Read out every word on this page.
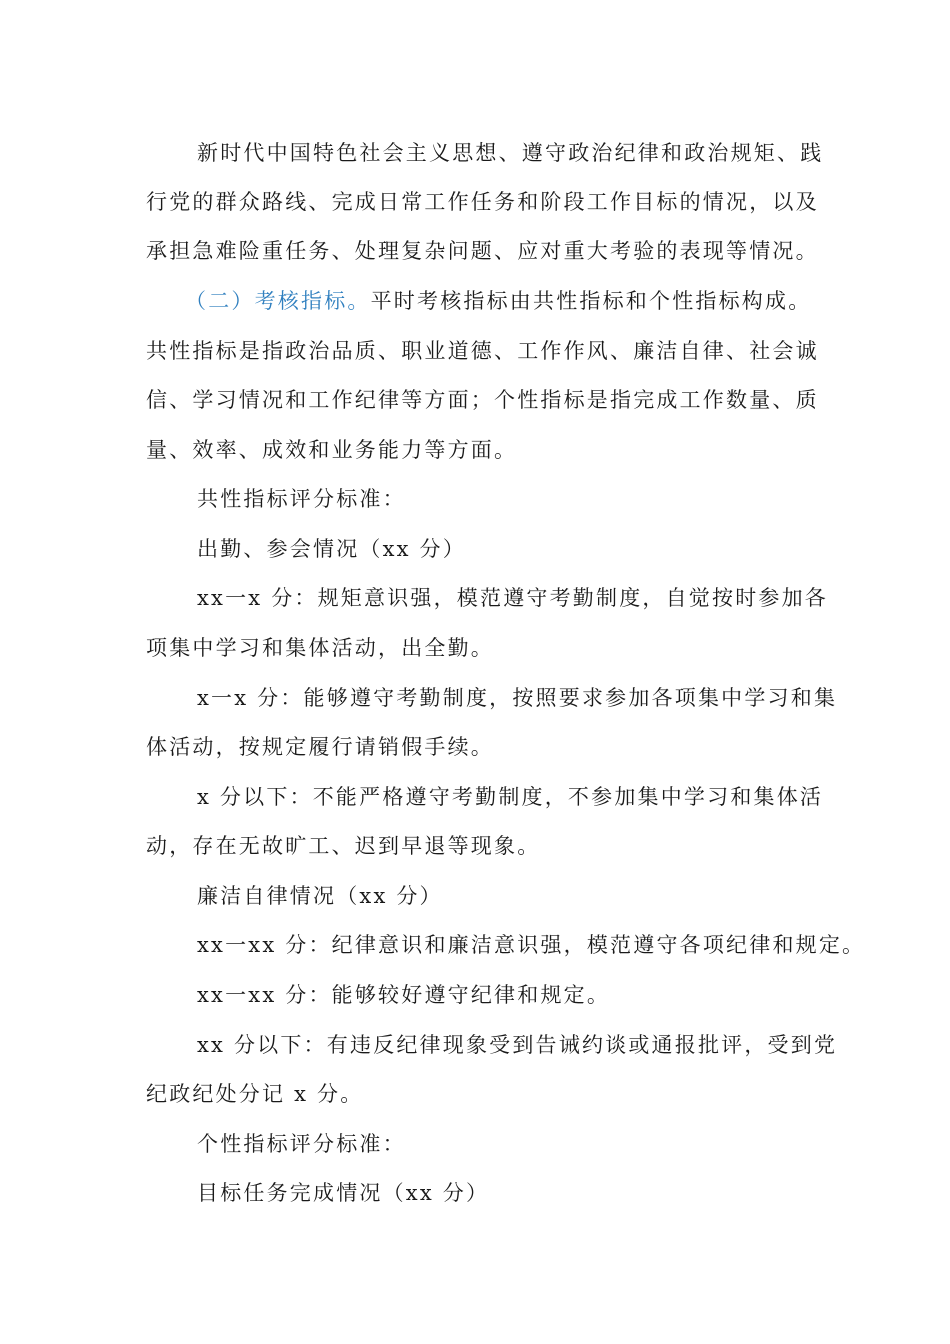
新时代中国特色社会主义思想、遵守政治纪律和政治规矩、践
行党的群众路线、完成日常工作任务和阶段工作目标的情况，以及
承担急难险重任务、处理复杂问题、应对重大考验的表现等情况。
（二）考核指标。平时考核指标由共性指标和个性指标构成。
共性指标是指政治品质、职业道德、工作作风、廉洁自律、社会诚
信、学习情况和工作纪律等方面；个性指标是指完成工作数量、质
量、效率、成效和业务能力等方面。
共性指标评分标准：
出勤、参会情况（xx 分）
xx一x 分：规矩意识强，模范遵守考勤制度，自觉按时参加各
项集中学习和集体活动，出全勤。
x一x 分：能够遵守考勤制度，按照要求参加各项集中学习和集
体活动，按规定履行请销假手续。
x 分以下：不能严格遵守考勤制度，不参加集中学习和集体活
动，存在无故旷工、迟到早退等现象。
廉洁自律情况（xx 分）
xx一xx 分：纪律意识和廉洁意识强，模范遵守各项纪律和规定。
xx一xx 分：能够较好遵守纪律和规定。
xx 分以下：有违反纪律现象受到告诫约谈或通报批评，受到党
纪政纪处分记 x 分。
个性指标评分标准：
目标任务完成情况（xx 分）
